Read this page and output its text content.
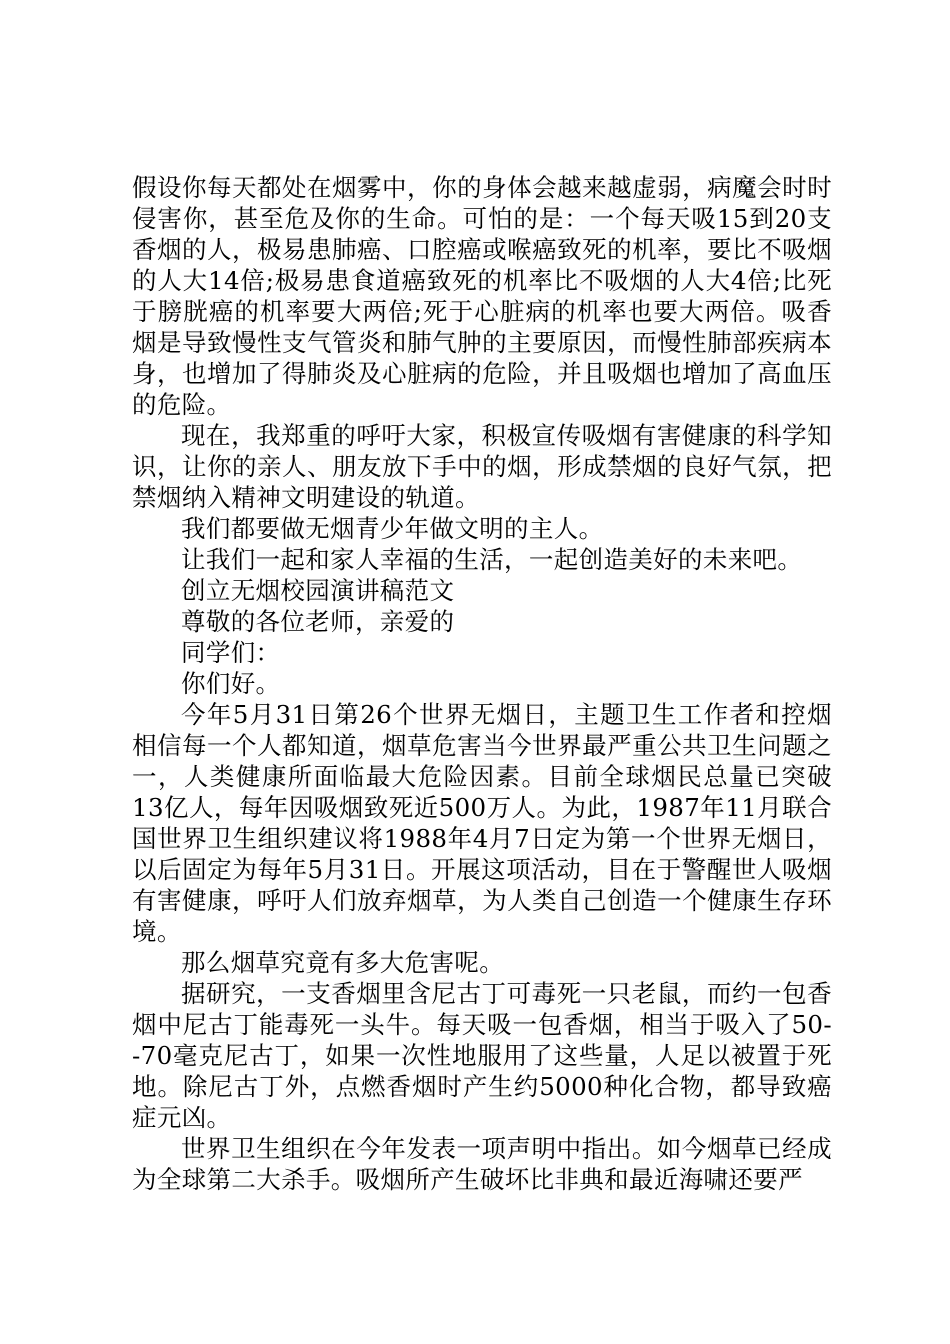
假设你每天都处在烟雾中，你的身体会越来越虚弱，病魔会时时侵害你，甚至危及你的生命。可怕的是：一个每天吸15到20支香烟的人，极易患肺癌、口腔癌或喉癌致死的机率，要比不吸烟的人大14倍;极易患食道癌致死的机率比不吸烟的人大4倍;比死于膀胱癌的机率要大两倍;死于心脏病的机率也要大两倍。吸香烟是导致慢性支气管炎和肺气肿的主要原因，而慢性肺部疾病本身，也增加了得肺炎及心脏病的危险，并且吸烟也增加了高血压的危险。

现在，我郑重的呼吁大家，积极宣传吸烟有害健康的科学知识，让你的亲人、朋友放下手中的烟，形成禁烟的良好气氛，把禁烟纳入精神文明建设的轨道。

我们都要做无烟青少年做文明的主人。

让我们一起和家人幸福的生活，一起创造美好的未来吧。

创立无烟校园演讲稿范文

尊敬的各位老师，亲爱的

同学们：

你们好。

今年5月31日第26个世界无烟日，主题卫生工作者和控烟相信每一个人都知道，烟草危害当今世界最严重公共卫生问题之一，人类健康所面临最大危险因素。目前全球烟民总量已突破13亿人，每年因吸烟致死近500万人。为此，1987年11月联合国世界卫生组织建议将1988年4月7日定为第一个世界无烟日，以后固定为每年5月31日。开展这项活动，目在于警醒世人吸烟有害健康，呼吁人们放弃烟草，为人类自己创造一个健康生存环境。

那么烟草究竟有多大危害呢。

据研究，一支香烟里含尼古丁可毒死一只老鼠，而约一包香烟中尼古丁能毒死一头牛。每天吸一包香烟，相当于吸入了50--70毫克尼古丁，如果一次性地服用了这些量，人足以被置于死地。除尼古丁外，点燃香烟时产生约5000种化合物，都导致癌症元凶。

世界卫生组织在今年发表一项声明中指出。如今烟草已经成为全球第二大杀手。吸烟所产生破坏比非典和最近海啸还要严
